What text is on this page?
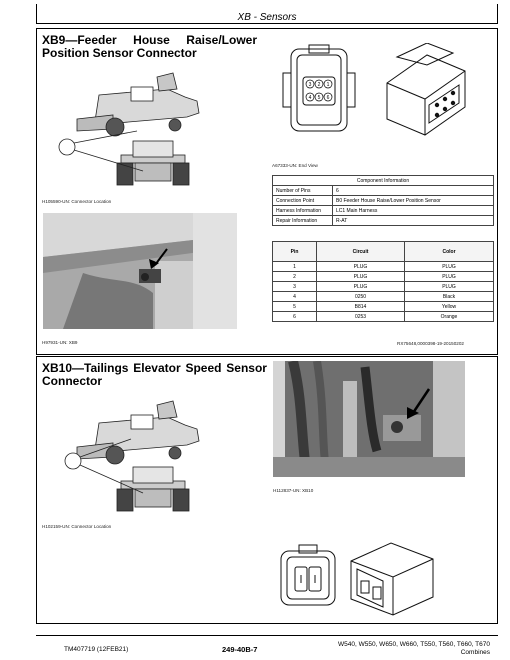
XB - Sensors
XB9—Feeder House Raise/Lower
Position Sensor Connector
H105590-UN: Connector Location
H97931-UN: XB9
3 2 1
4 5 6
A67333-UN: End View
Component Information	
Number of Pins	6
Connection Point	B0 Feeder House Raise/Lower Position Sensor
Harness Information	LC1 Main Harness
Repair Information	R-AT
Pin	Circuit	Color
1	PLUG	PLUG
2	PLUG	PLUG
3	PLUG	PLUG
4	0250	Black
5	B814	Yellow
6	0253	Orange
RX75648,0000398-19-20150202
XB10—Tailings Elevator Speed Sensor
Connector
H112837-UN: XB10
H102159-UN: Connector Location
TM407719 (12FEB21)	249-40B-7
W540, W550, W650, W660, T550, T560, T660, T670
Combines
